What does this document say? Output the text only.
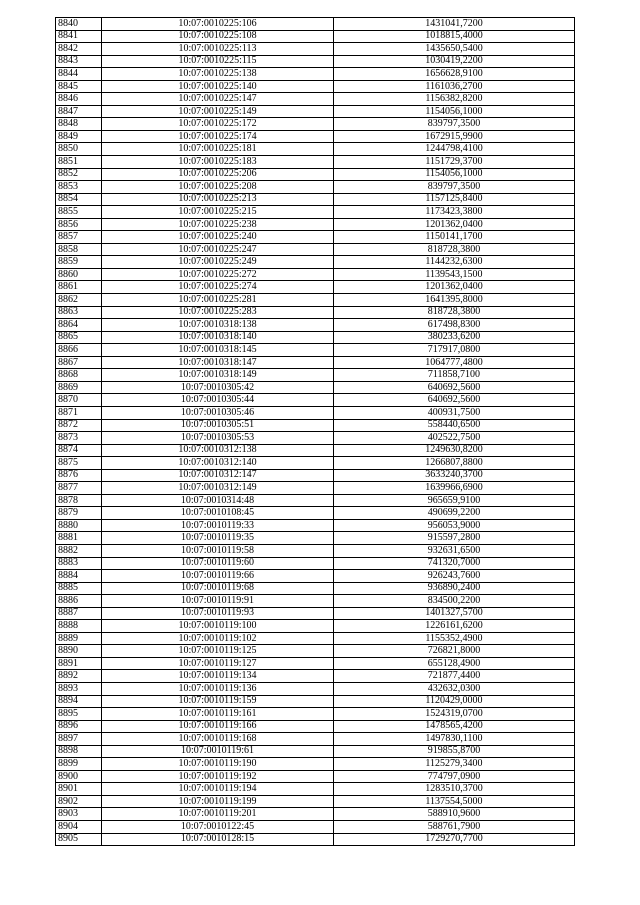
8840	10:07:0010225:106	1431041,7200
8841	10:07:0010225:108	1018815,4000
8842	10:07:0010225:113	1435650,5400
8843	10:07:0010225:115	1030419,2200
8844	10:07:0010225:138	1656628,9100
8845	10:07:0010225:140	1161036,2700
8846	10:07:0010225:147	1156382,8200
8847	10:07:0010225:149	1154056,1000
8848	10:07:0010225:172	839797,3500
8849	10:07:0010225:174	1672915,9900
8850	10:07:0010225:181	1244798,4100
8851	10:07:0010225:183	1151729,3700
8852	10:07:0010225:206	1154056,1000
8853	10:07:0010225:208	839797,3500
8854	10:07:0010225:213	1157125,8400
8855	10:07:0010225:215	1173423,3800
8856	10:07:0010225:238	1201362,0400
8857	10:07:0010225:240	1150141,1700
8858	10:07:0010225:247	818728,3800
8859	10:07:0010225:249	1144232,6300
8860	10:07:0010225:272	1139543,1500
8861	10:07:0010225:274	1201362,0400
8862	10:07:0010225:281	1641395,8000
8863	10:07:0010225:283	818728,3800
8864	10:07:0010318:138	617498,8300
8865	10:07:0010318:140	380233,6200
8866	10:07:0010318:145	717917,0800
8867	10:07:0010318:147	1064777,4800
8868	10:07:0010318:149	711858,7100
8869	10:07:0010305:42	640692,5600
8870	10:07:0010305:44	640692,5600
8871	10:07:0010305:46	400931,7500
8872	10:07:0010305:51	558440,6500
8873	10:07:0010305:53	402522,7500
8874	10:07:0010312:138	1249630,8200
8875	10:07:0010312:140	1266807,8800
8876	10:07:0010312:147	3633240,3700
8877	10:07:0010312:149	1639966,6900
8878	10:07:0010314:48	965659,9100
8879	10:07:0010108:45	490699,2200
8880	10:07:0010119:33	956053,9000
8881	10:07:0010119:35	915597,2800
8882	10:07:0010119:58	932631,6500
8883	10:07:0010119:60	741320,7000
8884	10:07:0010119:66	926243,7600
8885	10:07:0010119:68	936890,2400
8886	10:07:0010119:91	834500,2200
8887	10:07:0010119:93	1401327,5700
8888	10:07:0010119:100	1226161,6200
8889	10:07:0010119:102	1155352,4900
8890	10:07:0010119:125	726821,8000
8891	10:07:0010119:127	655128,4900
8892	10:07:0010119:134	721877,4400
8893	10:07:0010119:136	432632,0300
8894	10:07:0010119:159	1120429,0000
8895	10:07:0010119:161	1524319,0700
8896	10:07:0010119:166	1478565,4200
8897	10:07:0010119:168	1497830,1100
8898	10:07:0010119:61	919855,8700
8899	10:07:0010119:190	1125279,3400
8900	10:07:0010119:192	774797,0900
8901	10:07:0010119:194	1283510,3700
8902	10:07:0010119:199	1137554,5000
8903	10:07:0010119:201	588910,9600
8904	10:07:0010122:45	588761,7900
8905	10:07:0010128:15	1729270,7700
